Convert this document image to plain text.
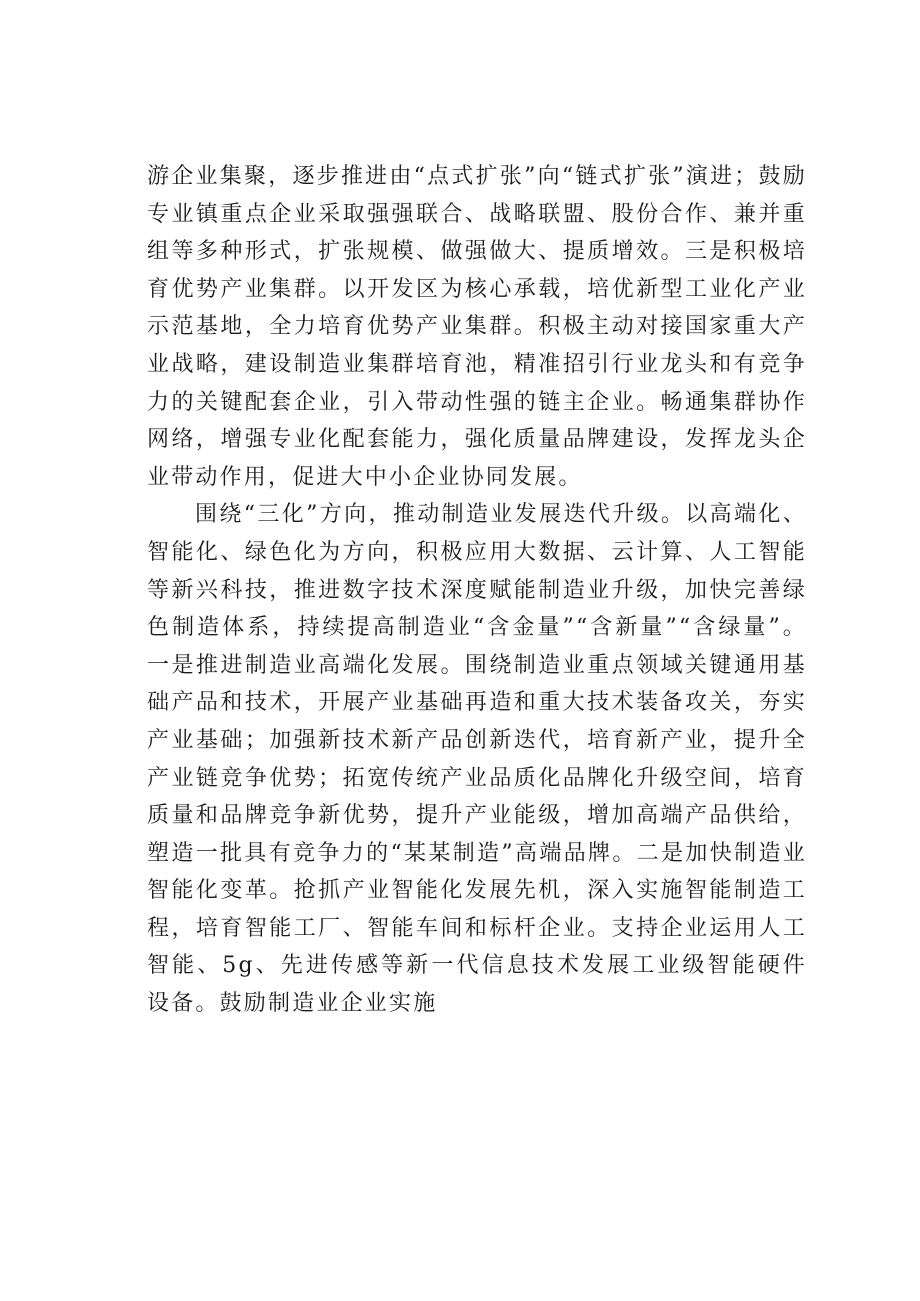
游企业集聚，逐步推进由“点式扩张”向“链式扩张”演进；鼓励专业镇重点企业采取强强联合、战略联盟、股份合作、兼并重组等多种形式，扩张规模、做强做大、提质增效。三是积极培育优势产业集群。以开发区为核心承载，培优新型工业化产业示范基地，全力培育优势产业集群。积极主动对接国家重大产业战略，建设制造业集群培育池，精准招引行业龙头和有竞争力的关键配套企业，引入带动性强的链主企业。畅通集群协作网络，增强专业化配套能力，强化质量品牌建设，发挥龙头企业带动作用，促进大中小企业协同发展。

围绕“三化”方向，推动制造业发展迭代升级。以高端化、智能化、绿色化为方向，积极应用大数据、云计算、人工智能等新兴科技，推进数字技术深度赋能制造业升级，加快完善绿色制造体系，持续提高制造业“含金量”“含新量”“含绿量”。一是推进制造业高端化发展。围绕制造业重点领域关键通用基础产品和技术，开展产业基础再造和重大技术装备攻关，夯实产业基础；加强新技术新产品创新迭代，培育新产业，提升全产业链竞争优势；拓宽传统产业品质化品牌化升级空间，培育质量和品牌竞争新优势，提升产业能级，增加高端产品供给，塑造一批具有竞争力的“某某制造”高端品牌。二是加快制造业智能化变革。抢抓产业智能化发展先机，深入实施智能制造工程，培育智能工厂、智能车间和标杆企业。支持企业运用人工智能、5g、先进传感等新一代信息技术发展工业级智能硬件设备。鼓励制造业企业实施
